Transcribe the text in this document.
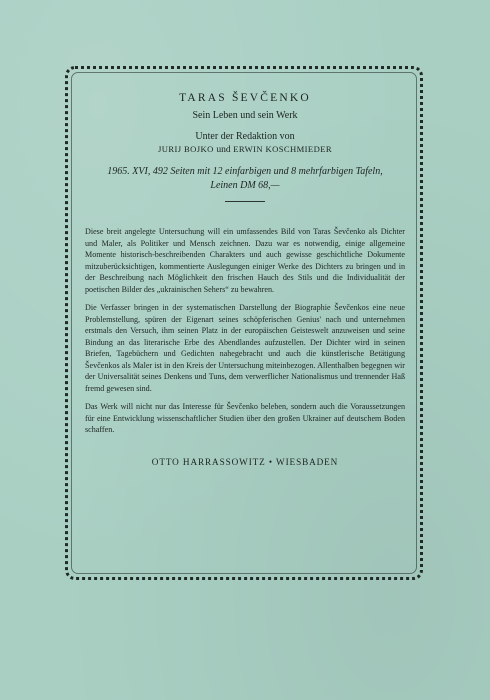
TARAS ŠEVČENKO

Sein Leben und sein Werk

Unter der Redaktion von

JURIJ BOJKO und ERWIN KOSCHMIEDER

1965. XVI, 492 Seiten mit 12 einfarbigen und 8 mehrfarbigen Tafeln,

Leinen DM 68,—

Diese breit angelegte Untersuchung will ein umfassendes Bild von Taras Ševčenko als Dichter und Maler, als Politiker und Mensch zeichnen. Dazu war es notwendig, einige allgemeine Momente historisch-beschreibenden Charakters und auch gewisse geschichtliche Dokumente mitzuberücksichtigen, kommentierte Auslegungen einiger Werke des Dichters zu bringen und in der Beschreibung nach Möglichkeit den frischen Hauch des Stils und die Individualität der poetischen Bilder des „ukrainischen Sehers“ zu bewahren.

Die Verfasser bringen in der systematischen Darstellung der Biographie Ševčenkos eine neue Problemstellung, spüren der Eigenart seines schöpferischen Genius' nach und unternehmen erstmals den Versuch, ihm seinen Platz in der europäischen Geisteswelt anzuweisen und seine Bindung an das literarische Erbe des Abendlandes aufzustellen. Der Dichter wird in seinen Briefen, Tagebüchern und Gedichten nahegebracht und auch die künstlerische Betätigung Ševčenkos als Maler ist in den Kreis der Untersuchung miteinbezogen. Allenthalben begegnen wir der Universalität seines Denkens und Tuns, dem verwerflicher Nationalismus und trennender Haß fremd gewesen sind.

Das Werk will nicht nur das Interesse für Ševčenko beleben, sondern auch die Voraussetzungen für eine Entwicklung wissenschaftlicher Studien über den großen Ukrainer auf deutschem Boden schaffen.

OTTO HARRASSOWITZ • WIESBADEN
